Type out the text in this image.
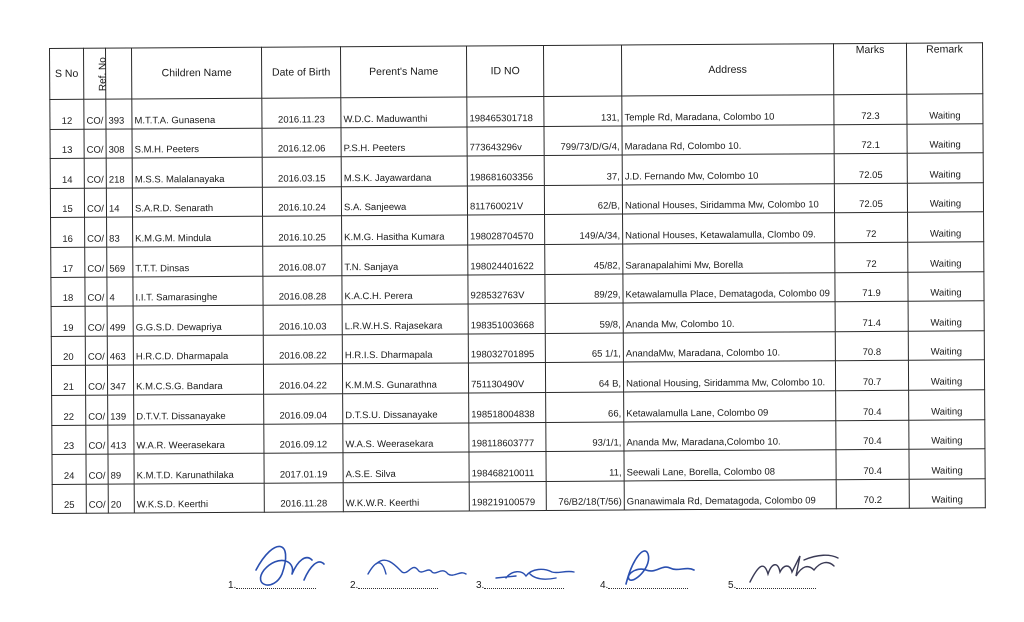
S No	Ref. No		Children Name	Date of Birth	Perent's Name	ID NO		Address	Marks	Remark
12	CO/	393	M.T.T.A. Gunasena	2016.11.23	W.D.C. Maduwanthi	198465301718	131,	Temple Rd, Maradana, Colombo 10	72.3	Waiting
13	CO/	308	S.M.H. Peeters	2016.12.06	P.S.H. Peeters	773643296v	799/73/D/G/4,	Maradana Rd, Colombo 10.	72.1	Waiting
14	CO/	218	M.S.S. Malalanayaka	2016.03.15	M.S.K. Jayawardana	198681603356	37,	J.D. Fernando Mw, Colombo 10	72.05	Waiting
15	CO/	14	S.A.R.D. Senarath	2016.10.24	S.A. Sanjeewa	811760021V	62/B,	National Houses, Siridamma Mw, Colombo 10	72.05	Waiting
16	CO/	83	K.M.G.M. Mindula	2016.10.25	K.M.G. Hasitha Kumara	198028704570	149/A/34,	National Houses, Ketawalamulla, Clombo 09.	72	Waiting
17	CO/	569	T.T.T. Dinsas	2016.08.07	T.N. Sanjaya	198024401622	45/82,	Saranapalahimi Mw, Borella	72	Waiting
18	CO/	4	I.I.T. Samarasinghe	2016.08.28	K.A.C.H. Perera	928532763V	89/29,	Ketawalamulla Place, Dematagoda, Colombo 09	71.9	Waiting
19	CO/	499	G.G.S.D. Dewapriya	2016.10.03	L.R.W.H.S. Rajasekara	198351003668	59/8,	Ananda Mw, Colombo 10.	71.4	Waiting
20	CO/	463	H.R.C.D. Dharmapala	2016.08.22	H.R.I.S. Dharmapala	198032701895	65 1/1,	AnandaMw, Maradana, Colombo 10.	70.8	Waiting
21	CO/	347	K.M.C.S.G. Bandara	2016.04.22	K.M.M.S. Gunarathna	751130490V	64 B,	National Housing, Siridamma Mw, Colombo 10.	70.7	Waiting
22	CO/	139	D.T.V.T. Dissanayake	2016.09.04	D.T.S.U. Dissanayake	198518004838	66,	Ketawalamulla Lane, Colombo 09	70.4	Waiting
23	CO/	413	W.A.R. Weerasekara	2016.09.12	W.A.S. Weerasekara	198118603777	93/1/1,	Ananda Mw, Maradana,Colombo 10.	70.4	Waiting
24	CO/	89	K.M.T.D. Karunathilaka	2017.01.19	A.S.E. Silva	198468210011	11,	Seewali Lane, Borella, Colombo 08	70.4	Waiting
25	CO/	20	W.K.S.D. Keerthi	2016.11.28	W.K.W.R. Keerthi	198219100579	76/B2/18(T/56)	Gnanawimala Rd, Dematagoda, Colombo 09	70.2	Waiting
1.	2.	3.	4.	5.
